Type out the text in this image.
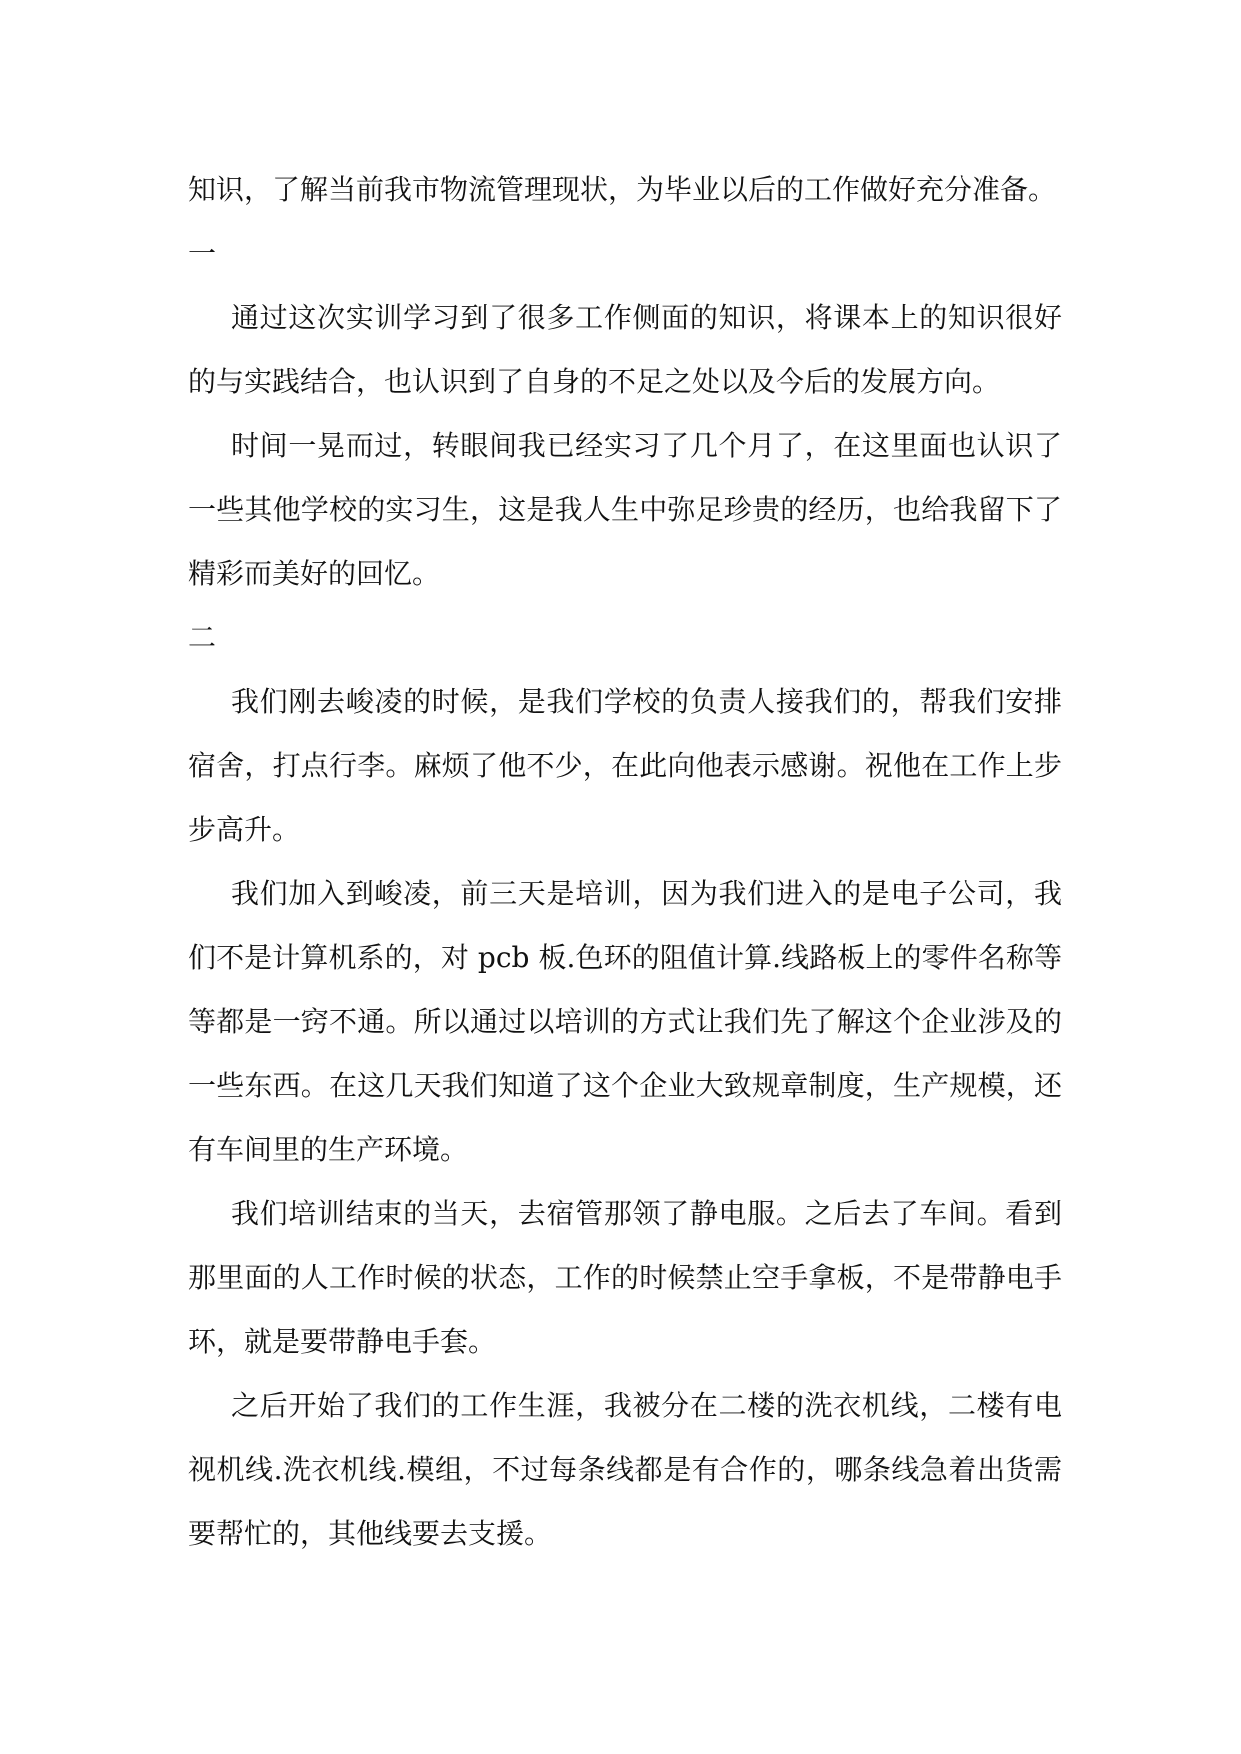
知识，了解当前我市物流管理现状，为毕业以后的工作做好充分准备。

一

通过这次实训学习到了很多工作侧面的知识，将课本上的知识很好的与实践结合，也认识到了自身的不足之处以及今后的发展方向。

时间一晃而过，转眼间我已经实习了几个月了，在这里面也认识了一些其他学校的实习生，这是我人生中弥足珍贵的经历，也给我留下了精彩而美好的回忆。

二

我们刚去峻凌的时候，是我们学校的负责人接我们的，帮我们安排宿舍，打点行李。麻烦了他不少，在此向他表示感谢。祝他在工作上步步高升。

我们加入到峻凌，前三天是培训，因为我们进入的是电子公司，我们不是计算机系的，对 pcb 板.色环的阻值计算.线路板上的零件名称等等都是一窍不通。所以通过以培训的方式让我们先了解这个企业涉及的一些东西。在这几天我们知道了这个企业大致规章制度，生产规模，还有车间里的生产环境。

我们培训结束的当天，去宿管那领了静电服。之后去了车间。看到那里面的人工作时候的状态，工作的时候禁止空手拿板，不是带静电手环，就是要带静电手套。

之后开始了我们的工作生涯，我被分在二楼的洗衣机线，二楼有电视机线.洗衣机线.模组，不过每条线都是有合作的，哪条线急着出货需要帮忙的，其他线要去支援。
